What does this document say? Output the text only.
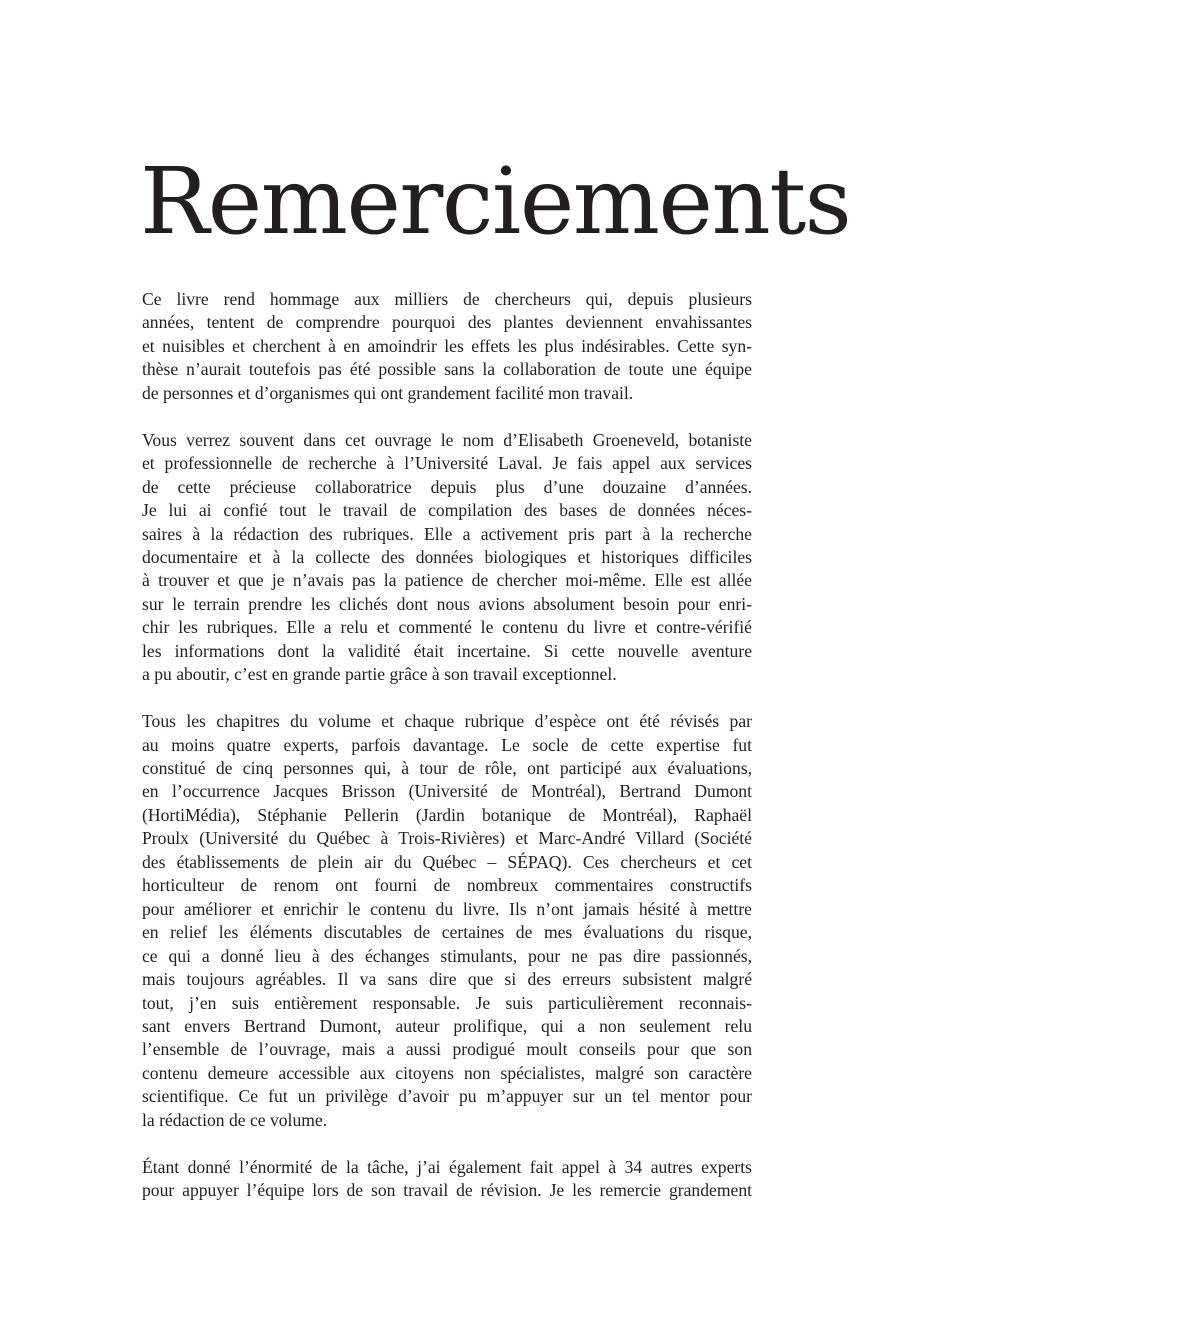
Remerciements

Ce livre rend hommage aux milliers de chercheurs qui, depuis plusieurs
années, tentent de comprendre pourquoi des plantes deviennent envahissantes
et nuisibles et cherchent à en amoindrir les effets les plus indésirables. Cette syn-
thèse n’aurait toutefois pas été possible sans la collaboration de toute une équipe
de personnes et d’organismes qui ont grandement facilité mon travail.

Vous verrez souvent dans cet ouvrage le nom d’Elisabeth Groeneveld, botaniste
et professionnelle de recherche à l’Université Laval. Je fais appel aux services
de cette précieuse collaboratrice depuis plus d’une douzaine d’années.
Je lui ai confié tout le travail de compilation des bases de données néces-
saires à la rédaction des rubriques. Elle a activement pris part à la recherche
documentaire et à la collecte des données biologiques et historiques difficiles
à trouver et que je n’avais pas la patience de chercher moi-même. Elle est allée
sur le terrain prendre les clichés dont nous avions absolument besoin pour enri-
chir les rubriques. Elle a relu et commenté le contenu du livre et contre-vérifié
les informations dont la validité était incertaine. Si cette nouvelle aventure
a pu aboutir, c’est en grande partie grâce à son travail exceptionnel.

Tous les chapitres du volume et chaque rubrique d’espèce ont été révisés par
au moins quatre experts, parfois davantage. Le socle de cette expertise fut
constitué de cinq personnes qui, à tour de rôle, ont participé aux évaluations,
en l’occurrence Jacques Brisson (Université de Montréal), Bertrand Dumont
(HortiMédia), Stéphanie Pellerin (Jardin botanique de Montréal), Raphaël
Proulx (Université du Québec à Trois-Rivières) et Marc-André Villard (Société
des établissements de plein air du Québec – SÉPAQ). Ces chercheurs et cet
horticulteur de renom ont fourni de nombreux commentaires constructifs
pour améliorer et enrichir le contenu du livre. Ils n’ont jamais hésité à mettre
en relief les éléments discutables de certaines de mes évaluations du risque,
ce qui a donné lieu à des échanges stimulants, pour ne pas dire passionnés,
mais toujours agréables. Il va sans dire que si des erreurs subsistent malgré
tout, j’en suis entièrement responsable. Je suis particulièrement reconnais-
sant envers Bertrand Dumont, auteur prolifique, qui a non seulement relu
l’ensemble de l’ouvrage, mais a aussi prodigué moult conseils pour que son
contenu demeure accessible aux citoyens non spécialistes, malgré son caractère
scientifique. Ce fut un privilège d’avoir pu m’appuyer sur un tel mentor pour
la rédaction de ce volume.

Étant donné l’énormité de la tâche, j’ai également fait appel à 34 autres experts
pour appuyer l’équipe lors de son travail de révision. Je les remercie grandement
